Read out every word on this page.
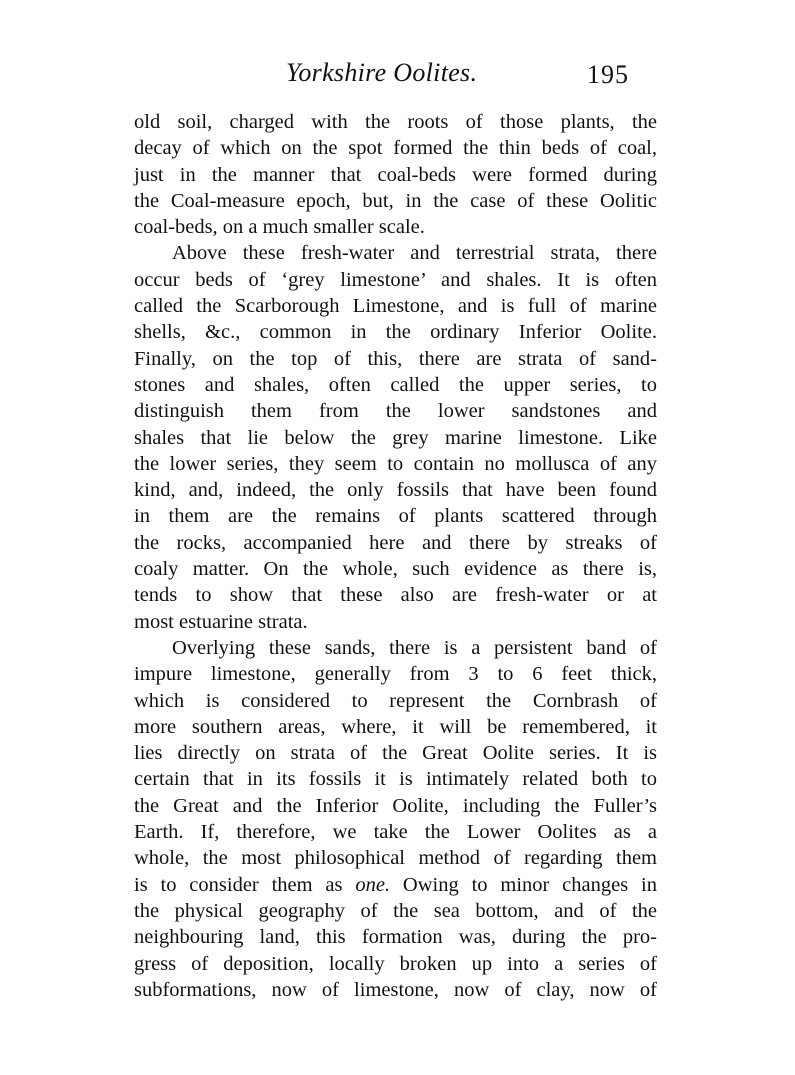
Yorkshire Oolites.	195
old soil, charged with the roots of those plants, the
decay of which on the spot formed the thin beds of coal,
just in the manner that coal-beds were formed during
the Coal-measure epoch, but, in the case of these Oolitic
coal-beds, on a much smaller scale.
Above these fresh-water and terrestrial strata, there
occur beds of ‘grey limestone’ and shales. It is often
called the Scarborough Limestone, and is full of marine
shells, &c., common in the ordinary Inferior Oolite.
Finally, on the top of this, there are strata of sand-
stones and shales, often called the upper series, to
distinguish them from the lower sandstones and
shales that lie below the grey marine limestone. Like
the lower series, they seem to contain no mollusca of any
kind, and, indeed, the only fossils that have been found
in them are the remains of plants scattered through
the rocks, accompanied here and there by streaks of
coaly matter. On the whole, such evidence as there is,
tends to show that these also are fresh-water or at
most estuarine strata.
Overlying these sands, there is a persistent band of
impure limestone, generally from 3 to 6 feet thick,
which is considered to represent the Cornbrash of
more southern areas, where, it will be remembered, it
lies directly on strata of the Great Oolite series. It is
certain that in its fossils it is intimately related both to
the Great and the Inferior Oolite, including the Fuller’s
Earth. If, therefore, we take the Lower Oolites as a
whole, the most philosophical method of regarding them
is to consider them as one. Owing to minor changes in
the physical geography of the sea bottom, and of the
neighbouring land, this formation was, during the pro-
gress of deposition, locally broken up into a series of
subformations, now of limestone, now of clay, now of
